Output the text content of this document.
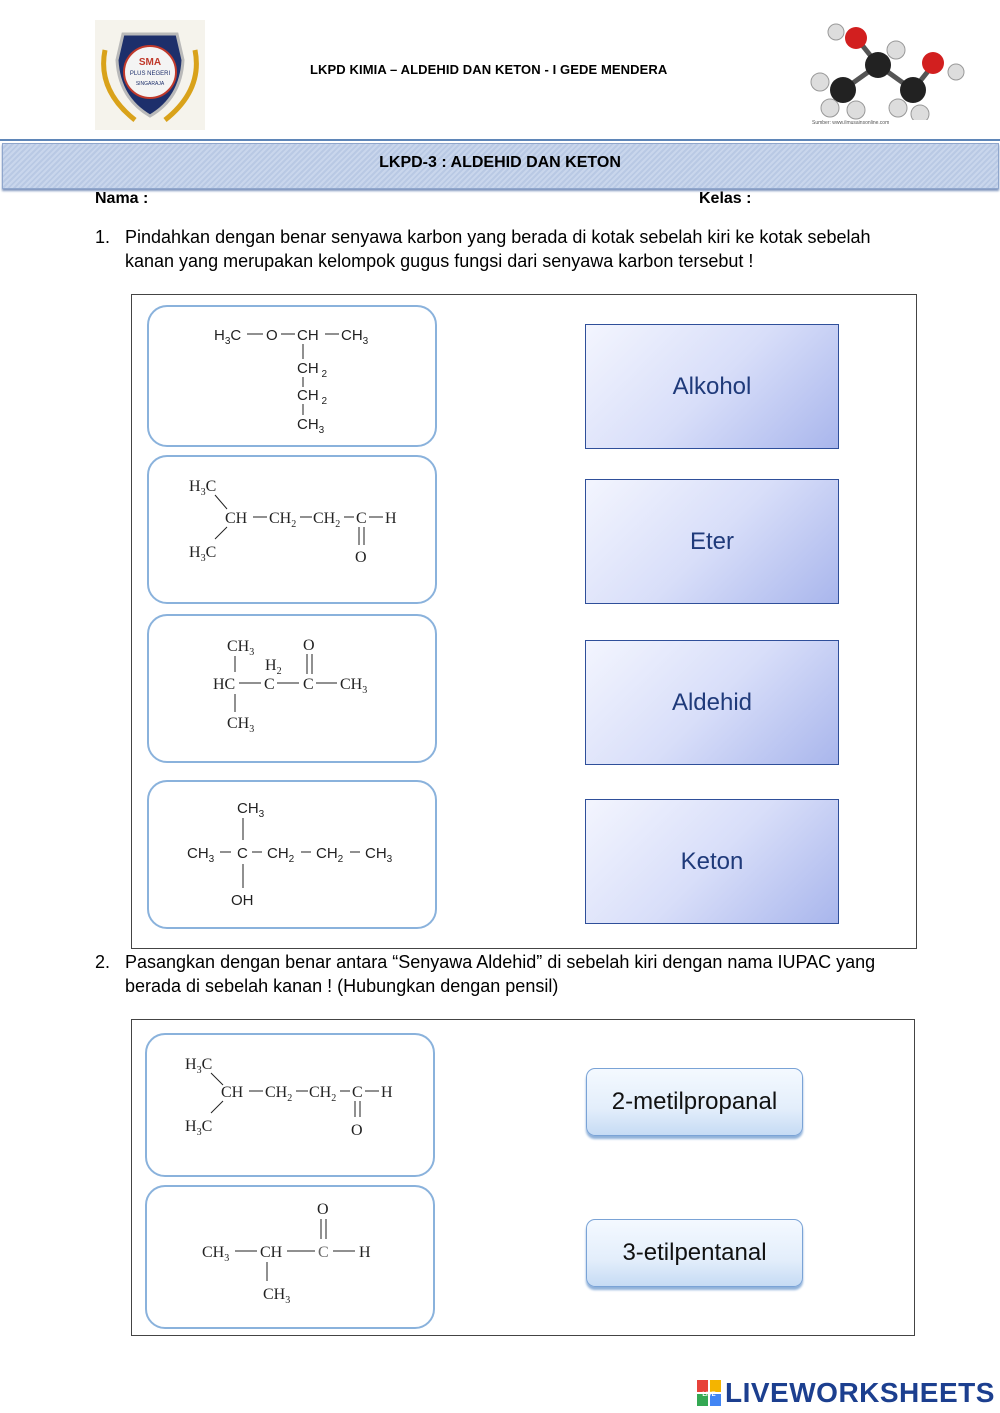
SMA
PLUS NEGERI
SINGARAJA
LKPD KIMIA – ALDEHID DAN KETON - I GEDE MENDERA
Sumber: www.ilmusainsonline.com
LKPD-3 : ALDEHID DAN KETON
Nama :	Kelas :
1. Pindahkan dengan benar senyawa karbon yang berada di kotak sebelah kiri ke kotak sebelah kanan yang merupakan kelompok gugus fungsi dari senyawa karbon tersebut !
$H_3C$ O CH $CH_3$
CH $_2$
CH $_2$
$CH_3$
$H_3C$
CH $CH_2$ $CH_2$ C H
O
$H_3C$
$CH_3$
$H_2$
O
HC C C $CH_3$
$CH_3$
$CH_3$
$CH_3$ C $CH_2$ $CH_2$ $CH_3$
OH
Alkohol
Eter
Aldehid
Keton
2. Pasangkan dengan benar antara “Senyawa Aldehid” di sebelah kiri dengan nama IUPAC yang berada di sebelah kanan ! (Hubungkan dengan pensil)
$H_3C$
CH $CH_2$ $CH_2$ C H
O
$H_3C$
O
$CH_3$ CH C H
$CH_3$
2-metilpropanal
3-etilpentanal
LIVE LIVEWORKSHEETS
